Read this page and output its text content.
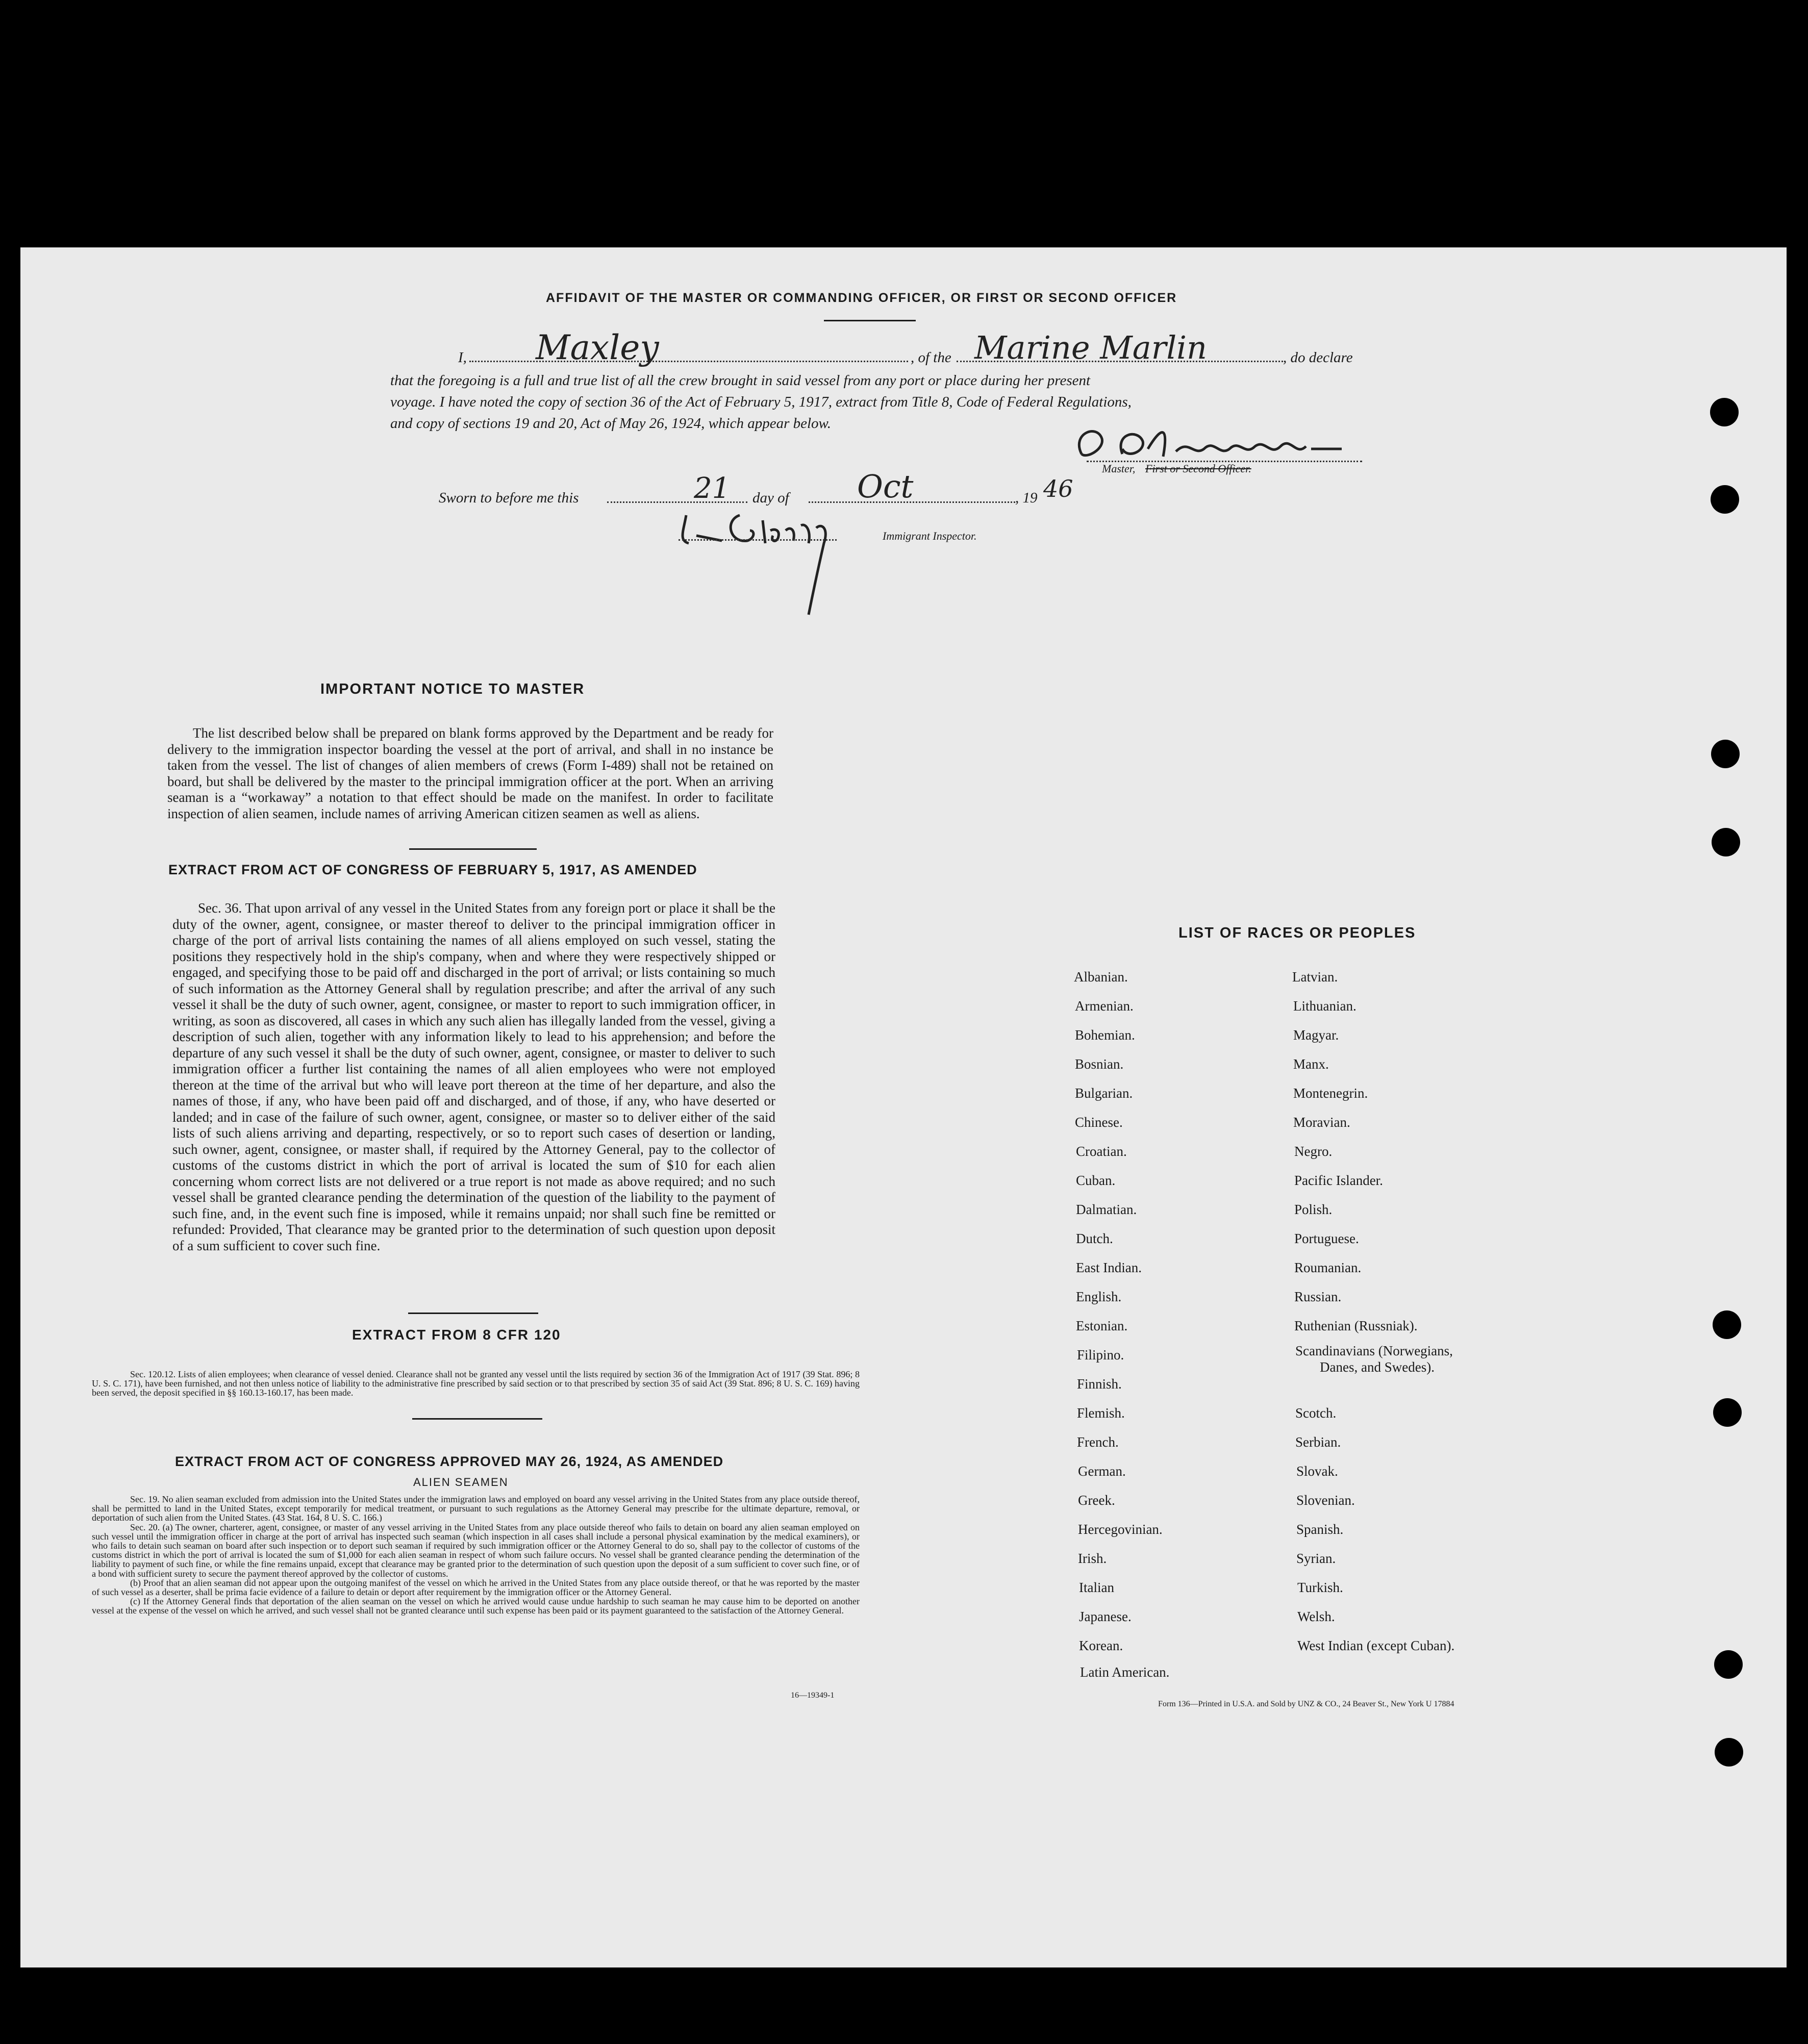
AFFIDAVIT OF THE MASTER OR COMMANDING OFFICER, OR FIRST OR SECOND OFFICER
I, Maxley	, of the Marine Marlin	, do declare
that the foregoing is a full and true list of all the crew brought in said vessel from any port or place during her present
voyage. I have noted the copy of section 36 of the Act of February 5, 1917, extract from Title 8, Code of Federal Regulations,
and copy of sections 19 and 20, Act of May 26, 1924, which appear below.
Master, First or Second Officer.
Sworn to before me this	21 day of Oct	, 19 46
Immigrant Inspector.
IMPORTANT NOTICE TO MASTER

The list described below shall be prepared on blank forms approved by the Department and be ready for delivery to the immigration inspector boarding the vessel at the port of arrival, and shall in no instance be taken from the vessel. The list of changes of alien members of crews (Form I-489) shall not be retained on board, but shall be delivered by the master to the principal immigration officer at the port. When an arriving seaman is a “workaway” a notation to that effect should be made on the manifest. In order to facilitate inspection of alien seamen, include names of arriving American citizen seamen as well as aliens.

EXTRACT FROM ACT OF CONGRESS OF FEBRUARY 5, 1917, AS AMENDED

Sec. 36. That upon arrival of any vessel in the United States from any foreign port or place it shall be the duty of the owner, agent, consignee, or master thereof to deliver to the principal immigration officer in charge of the port of arrival lists containing the names of all aliens employed on such vessel, stating the positions they respectively hold in the ship's company, when and where they were respectively shipped or engaged, and specifying those to be paid off and discharged in the port of arrival; or lists containing so much of such information as the Attorney General shall by regulation prescribe; and after the arrival of any such vessel it shall be the duty of such owner, agent, consignee, or master to report to such immigration officer, in writing, as soon as discovered, all cases in which any such alien has illegally landed from the vessel, giving a description of such alien, together with any information likely to lead to his apprehension; and before the departure of any such vessel it shall be the duty of such owner, agent, consignee, or master to deliver to such immigration officer a further list containing the names of all alien employees who were not employed thereon at the time of the arrival but who will leave port thereon at the time of her departure, and also the names of those, if any, who have been paid off and discharged, and of those, if any, who have deserted or landed; and in case of the failure of such owner, agent, consignee, or master so to deliver either of the said lists of such aliens arriving and departing, respectively, or so to report such cases of desertion or landing, such owner, agent, consignee, or master shall, if required by the Attorney General, pay to the collector of customs of the customs district in which the port of arrival is located the sum of $10 for each alien concerning whom correct lists are not delivered or a true report is not made as above required; and no such vessel shall be granted clearance pending the determination of the question of the liability to the payment of such fine, and, in the event such fine is imposed, while it remains unpaid; nor shall such fine be remitted or refunded: Provided, That clearance may be granted prior to the determination of such question upon deposit of a sum sufficient to cover such fine.

EXTRACT FROM 8 CFR 120

Sec. 120.12. Lists of alien employees; when clearance of vessel denied. Clearance shall not be granted any vessel until the lists required by section 36 of the Immigration Act of 1917 (39 Stat. 896; 8 U. S. C. 171), have been furnished, and not then unless notice of liability to the administrative fine prescribed by said section or to that prescribed by section 35 of said Act (39 Stat. 896; 8 U. S. C. 169) having been served, the deposit specified in §§ 160.13-160.17, has been made.

EXTRACT FROM ACT OF CONGRESS APPROVED MAY 26, 1924, AS AMENDED
ALIEN SEAMEN

Sec. 19. No alien seaman excluded from admission into the United States under the immigration laws and employed on board any vessel arriving in the United States from any place outside thereof, shall be permitted to land in the United States, except temporarily for medical treatment, or pursuant to such regulations as the Attorney General may prescribe for the ultimate departure, removal, or deportation of such alien from the United States. (43 Stat. 164, 8 U. S. C. 166.)

Sec. 20. (a) The owner, charterer, agent, consignee, or master of any vessel arriving in the United States from any place outside thereof who fails to detain on board any alien seaman employed on such vessel until the immigration officer in charge at the port of arrival has inspected such seaman (which inspection in all cases shall include a personal physical examination by the medical examiners), or who fails to detain such seaman on board after such inspection or to deport such seaman if required by such immigration officer or the Attorney General to do so, shall pay to the collector of customs of the customs district in which the port of arrival is located the sum of $1,000 for each alien seaman in respect of whom such failure occurs. No vessel shall be granted clearance pending the determination of the liability to payment of such fine, or while the fine remains unpaid, except that clearance may be granted prior to the determination of such question upon the deposit of a sum sufficient to cover such fine, or of a bond with sufficient surety to secure the payment thereof approved by the collector of customs.

(b) Proof that an alien seaman did not appear upon the outgoing manifest of the vessel on which he arrived in the United States from any place outside thereof, or that he was reported by the master of such vessel as a deserter, shall be prima facie evidence of a failure to detain or deport after requirement by the immigration officer or the Attorney General.

(c) If the Attorney General finds that deportation of the alien seaman on the vessel on which he arrived would cause undue hardship to such seaman he may cause him to be deported on another vessel at the expense of the vessel on which he arrived, and such vessel shall not be granted clearance until such expense has been paid or its payment guaranteed to the satisfaction of the Attorney General.

16—19349-1
LIST OF RACES OR PEOPLES
Albanian.
Armenian.
Bohemian.
Bosnian.
Bulgarian.
Chinese.
Croatian.
Cuban.
Dalmatian.
Dutch.
East Indian.
English.
Estonian.
Filipino.
Finnish.
Flemish.
French.
German.
Greek.
Hercegovinian.
Irish.
Italian
Japanese.
Korean.
Latin American.
Latvian.
Lithuanian.
Magyar.
Manx.
Montenegrin.
Moravian.
Negro.
Pacific Islander.
Polish.
Portuguese.
Roumanian.
Russian.
Ruthenian (Russniak).
Scandinavians (Norwegians,
Danes, and Swedes).
Scotch.
Serbian.
Slovak.
Slovenian.
Spanish.
Syrian.
Turkish.
Welsh.
West Indian (except Cuban).
Form 136—Printed in U.S.A. and Sold by UNZ & CO., 24 Beaver St., New York U 17884
